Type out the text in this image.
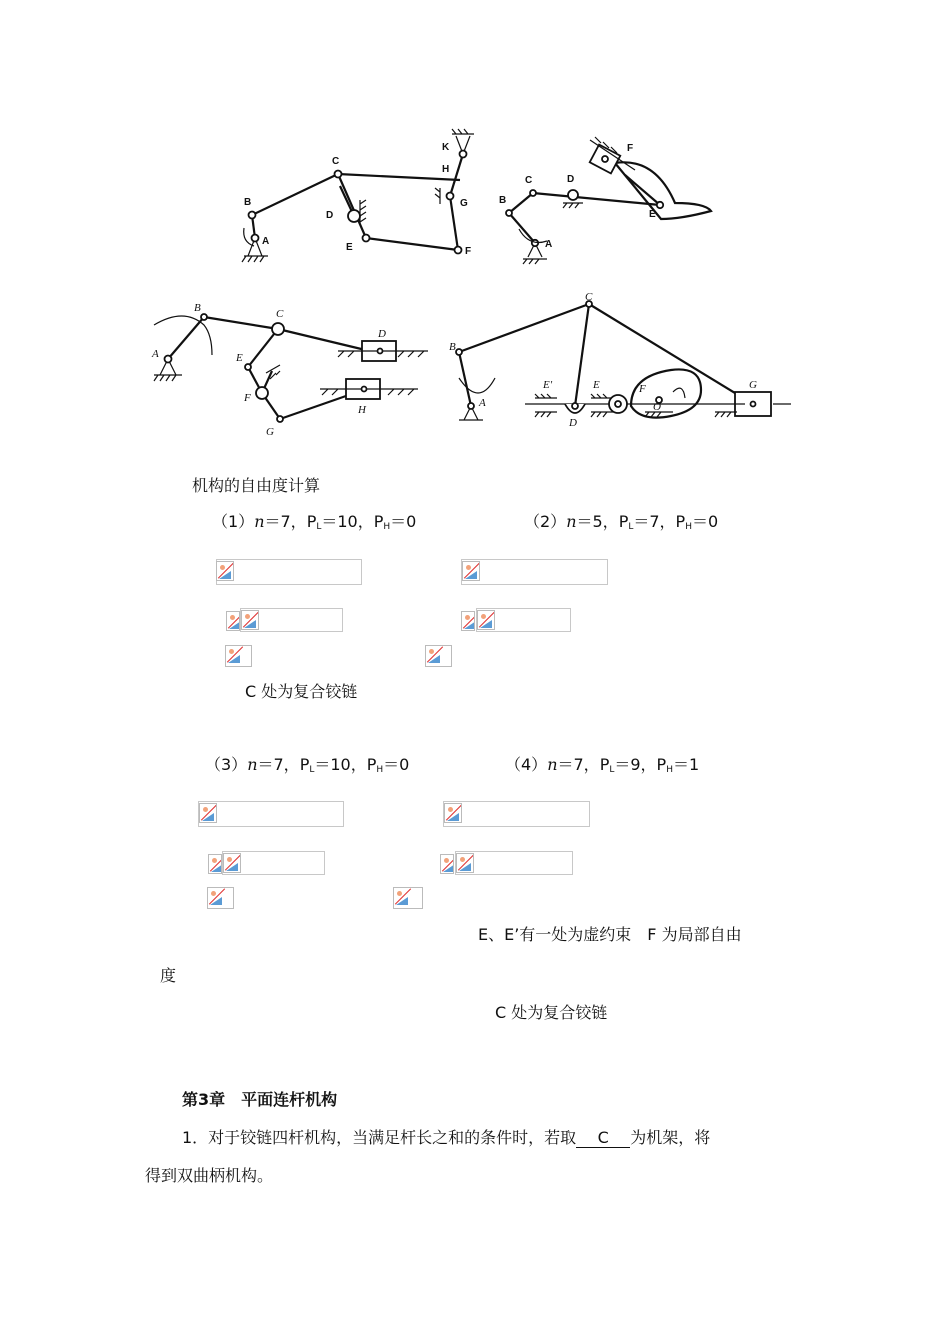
A
B
C
D
E	F
G
H
K
A
B
C	D
E
F
A
B	C
D
E
F
G
H
A
B
C
D
E
E′	F
O
G
机构的自由度计算
（1）n＝7，$P_L=10$，$P_H=0$	（2）n＝5，$P_L=7$，$P_H=0$
C 处为复合铰链
（3）n＝7，$P_L=10$，$P_H=0$	（4）n＝7，$P_L=9$，$P_H=1$
E、E’有一处为虚约束　F 为局部自由
度
C 处为复合铰链
第3章　平面连杆机构
1．对于铰链四杆机构，当满足杆长之和的条件时，若取 C 为机架，将
得到双曲柄机构。
